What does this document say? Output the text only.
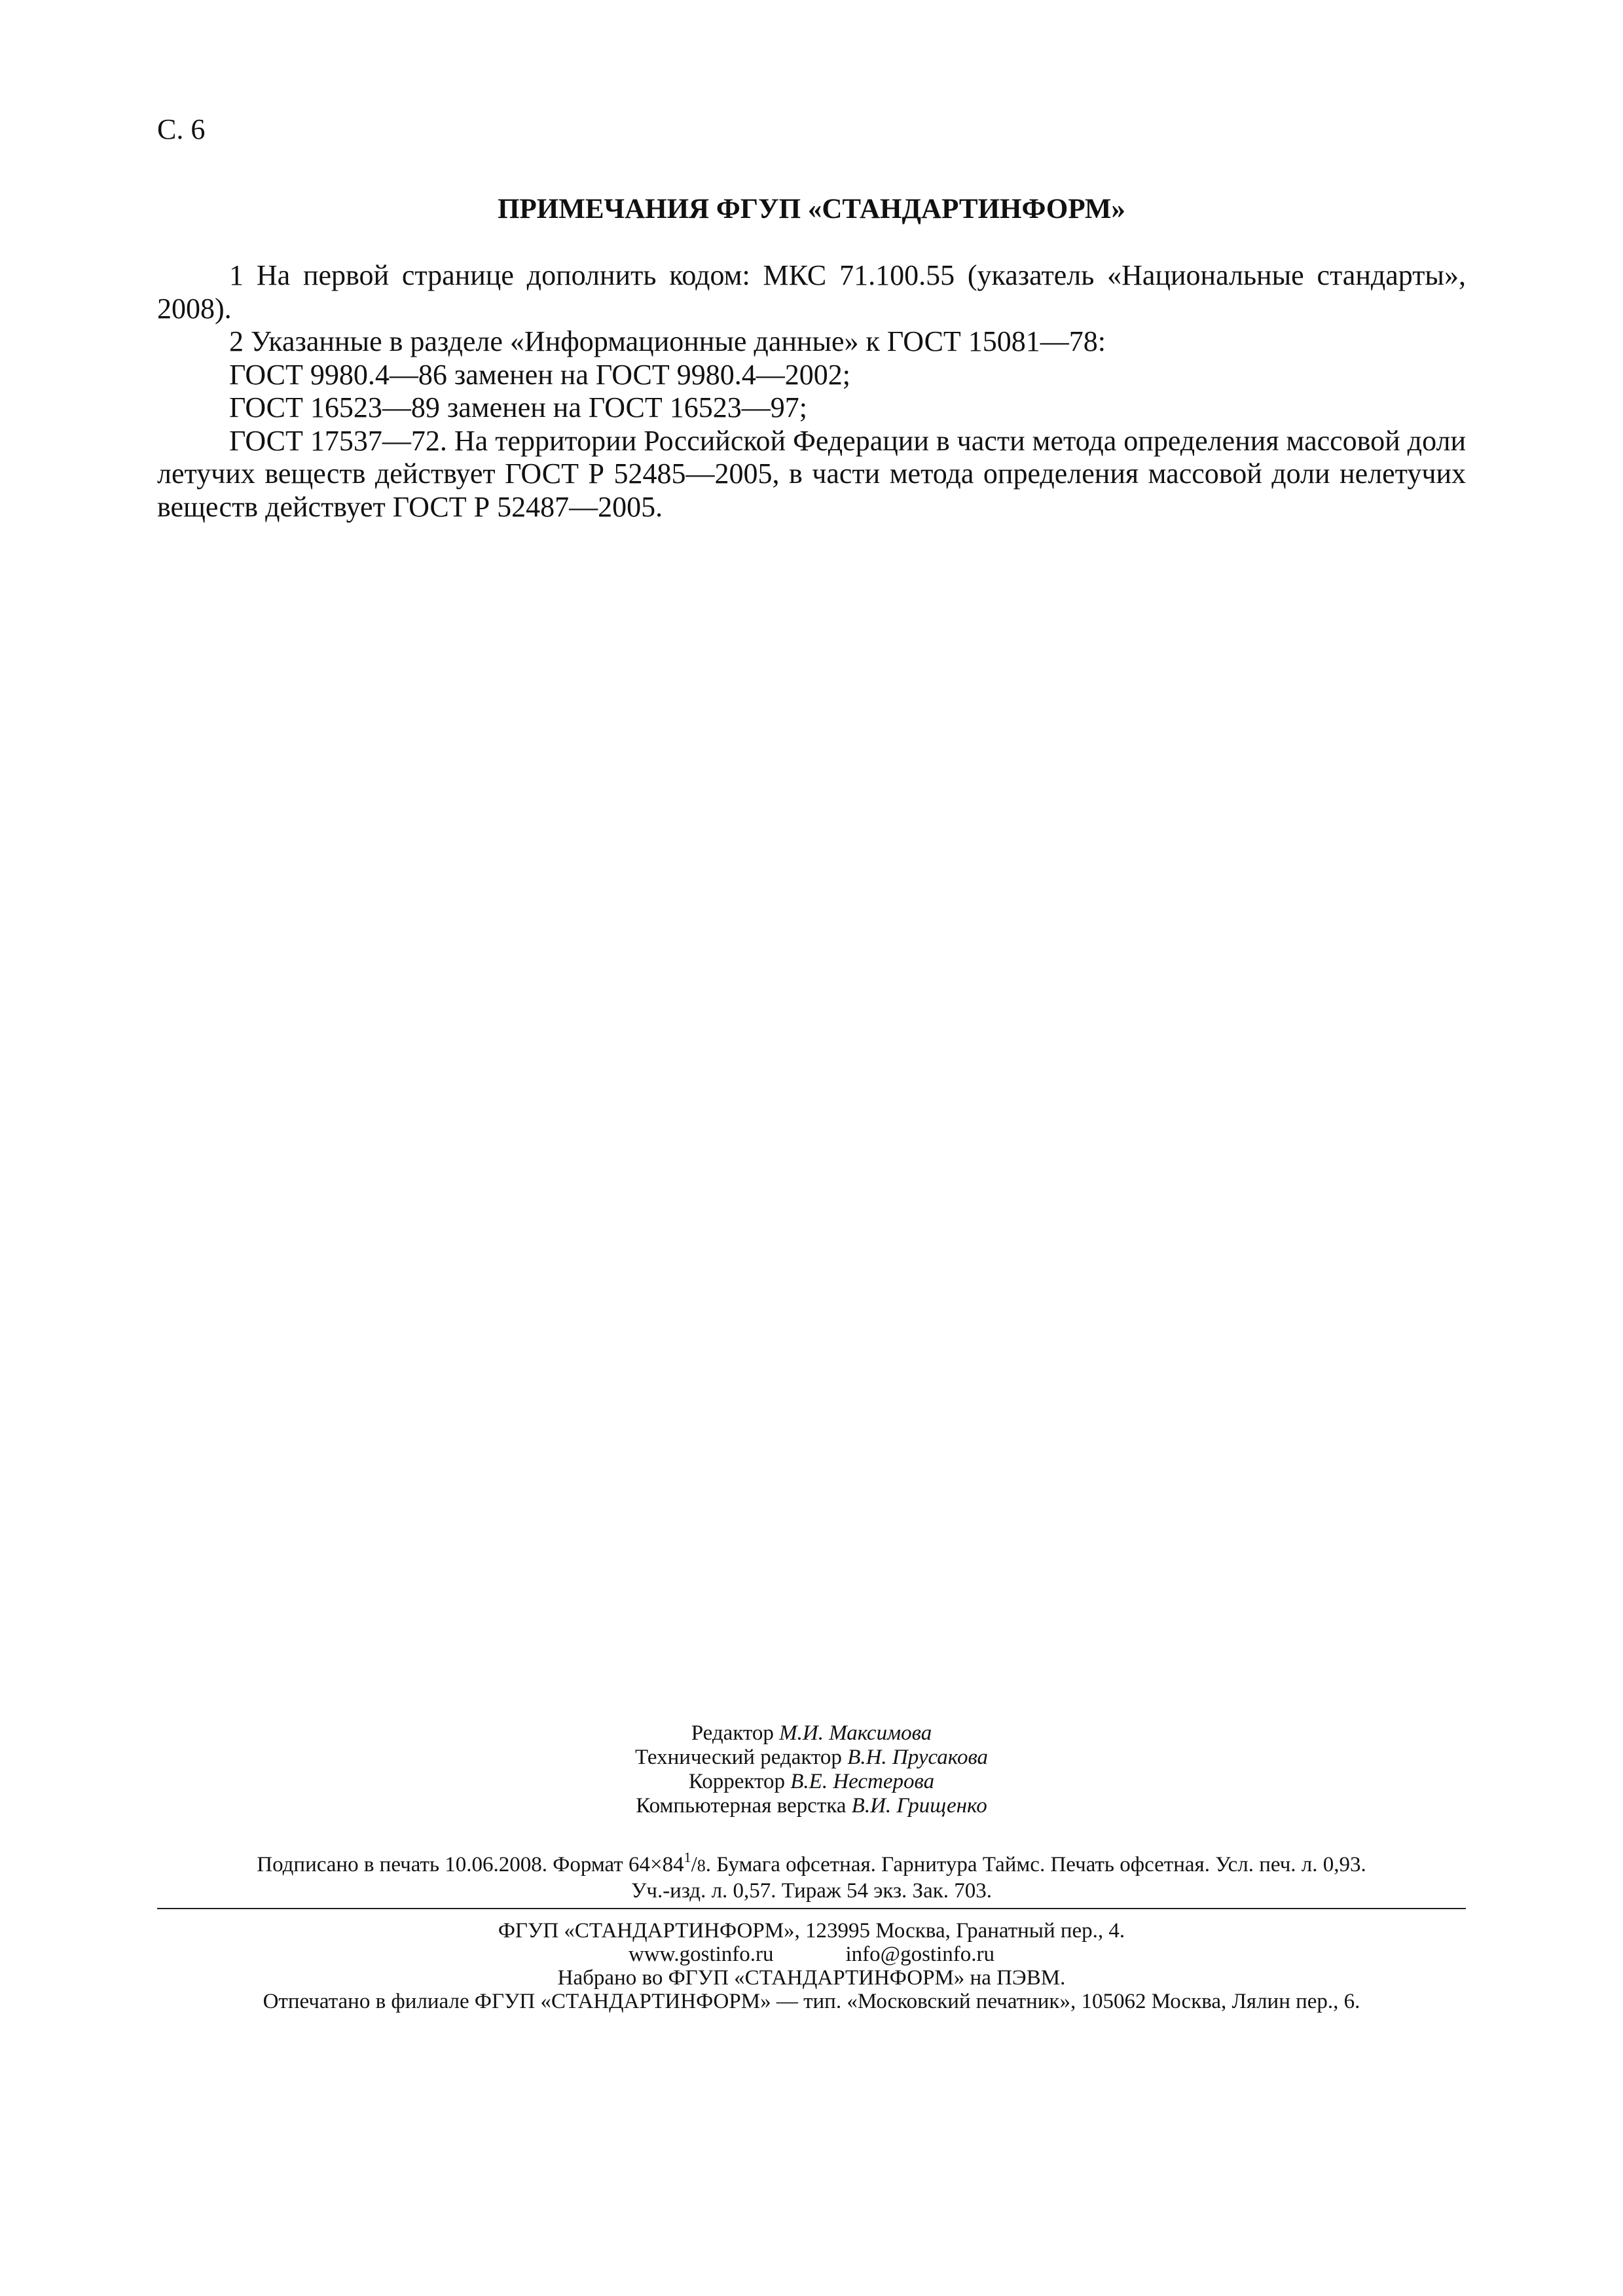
С. 6
ПРИМЕЧАНИЯ ФГУП «СТАНДАРТИНФОРМ»

1 На первой странице дополнить кодом: МКС 71.100.55 (указатель «Национальные стандарты», 2008).

2 Указанные в разделе «Информационные данные» к ГОСТ 15081—78:

ГОСТ 9980.4—86 заменен на ГОСТ 9980.4—2002;

ГОСТ 16523—89 заменен на ГОСТ 16523—97;

ГОСТ 17537—72. На территории Российской Федерации в части метода определения массовой доли летучих веществ действует ГОСТ Р 52485—2005, в части метода определения массовой доли нелетучих веществ действует ГОСТ Р 52487—2005.

Редактор М.И. Максимова
Технический редактор В.Н. Прусакова
Корректор В.Е. Нестерова
Компьютерная верстка В.И. Грищенко
Подписано в печать 10.06.2008. Формат $64\times 84^1/8$. Бумага офсетная. Гарнитура Таймс. Печать офсетная. Усл. печ. л. 0,93.
Уч.-изд. л. 0,57. Тираж 54 экз. Зак. 703.
ФГУП «СТАНДАРТИНФОРМ», 123995 Москва, Гранатный пер., 4.
www.gostinfo.ru	info@gostinfo.ru
Набрано во ФГУП «СТАНДАРТИНФОРМ» на ПЭВМ.
Отпечатано в филиале ФГУП «СТАНДАРТИНФОРМ» — тип. «Московский печатник», 105062 Москва, Лялин пер., 6.
